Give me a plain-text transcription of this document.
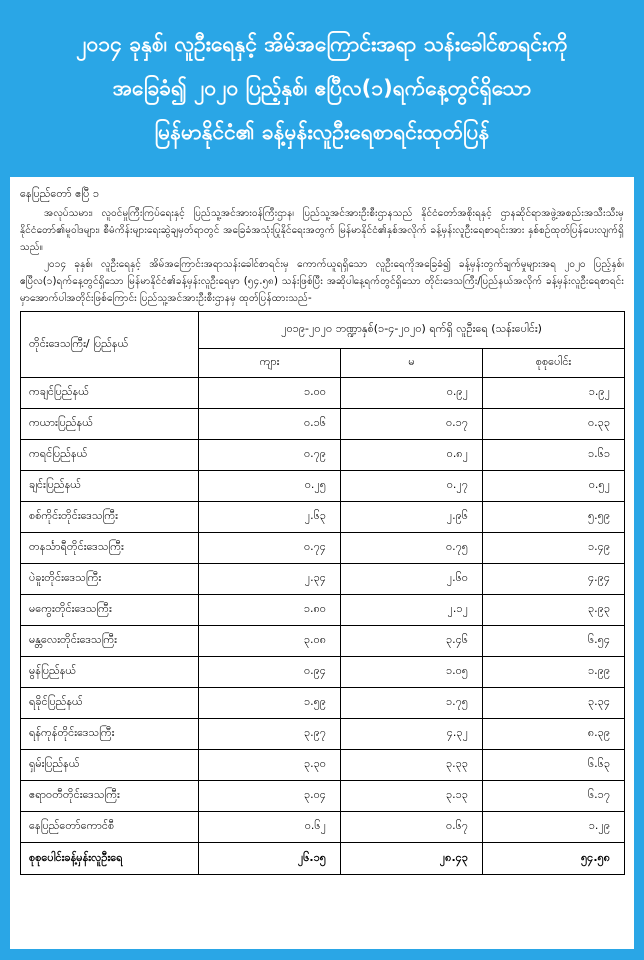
၂၀၁၄ ခုနှစ်၊ လူဦးရေနှင့် အိမ်အကြောင်းအရာ သန်းခေါင်စာရင်းကို
အခြေခံ၍ ၂၀၂၀ ပြည့်နှစ်၊ ဧပြီလ(၁)ရက်နေ့တွင်ရှိသော
မြန်မာနိုင်ငံ၏ ခန့်မှန်းလူဦးရေစာရင်းထုတ်ပြန်
နေပြည်တော် ဧပြီ ၁

အလုပ်သမား၊ လူဝင်မှုကြီးကြပ်ရေးနှင့် ပြည်သူ့အင်အားဝန်ကြီးဌာန၊ ပြည်သူ့အင်အားဦးစီးဌာနသည် နိုင်ငံတော်အစိုးရနှင့် ဌာနဆိုင်ရာအဖွဲ့အစည်းအသီးသီးမှ နိုင်ငံတော်၏မူဝါဒများ၊ စီမံကိန်းများရေးဆွဲချမှတ်ရာတွင် အခြေခံအသုံးပြုနိုင်ရေးအတွက် မြန်မာနိုင်ငံ၏နှစ်အလိုက် ခန့်မှန်းလူဦးရေစာရင်းအား နှစ်စဉ်ထုတ်ပြန်ပေးလျက်ရှိသည်။

၂၀၁၄ ခုနှစ်၊ လူဦးရေနှင့် အိမ်အကြောင်းအရာသန်းခေါင်စာရင်းမှ ကောက်ယူရရှိသော လူဦးရေကိုအခြေခံ၍ ခန့်မှန်းတွက်ချက်မှုများအရ ၂၀၂၀ ပြည့်နှစ်၊ ဧပြီလ(၁)ရက်နေ့တွင်ရှိသော မြန်မာနိုင်ငံ၏ခန့်မှန်းလူဦးရေမှာ (၅၄.၅၈) သန်းဖြစ်ပြီး အဆိုပါနေ့ရက်တွင်ရှိသော တိုင်းဒေသကြီး/ပြည်နယ်အလိုက် ခန့်မှန်းလူဦးရေစာရင်းမှာအောက်ပါအတိုင်းဖြစ်ကြောင်း ပြည်သူ့အင်အားဦးစီးဌာနမှ ထုတ်ပြန်ထားသည်-

တိုင်းဒေသကြီး/ ပြည်နယ်	၂၀၁၉-၂၀၂၀ ဘဏ္ဍာနှစ်(၁-၄-၂၀၂၀) ရက်ရှိ လူဦးရေ (သန်းပေါင်း)		
	ကျား	မ	စုစုပေါင်း
ကချင်ပြည်နယ်	၁.၀၀	၀.၉၂	၁.၉၂
ကယားပြည်နယ်	၀.၁၆	၀.၁၇	၀.၃၃
ကရင်ပြည်နယ်	၀.၇၉	၀.၈၂	၁.၆၁
ချင်းပြည်နယ်	၀.၂၅	၀.၂၇	၀.၅၂
စစ်ကိုင်းတိုင်းဒေသကြီး	၂.၆၃	၂.၉၆	၅.၅၉
တနင်္သာရီတိုင်းဒေသကြီး	၀.၇၄	၀.၇၅	၁.၄၉
ပဲခူးတိုင်းဒေသကြီး	၂.၃၄	၂.၆၀	၄.၉၄
မကွေးတိုင်းဒေသကြီး	၁.၈၀	၂.၁၂	၃.၉၃
မန္တလေးတိုင်းဒေသကြီး	၃.၀၈	၃.၄၆	၆.၅၄
မွန်ပြည်နယ်	၀.၉၄	၁.၀၅	၁.၉၉
ရခိုင်ပြည်နယ်	၁.၅၉	၁.၇၅	၃.၃၄
ရန်ကုန်တိုင်းဒေသကြီး	၃.၉၇	၄.၃၂	၈.၃၉
ရှမ်းပြည်နယ်	၃.၃၀	၃.၃၃	၆.၆၃
ဧရာဝတီတိုင်းဒေသကြီး	၃.၀၄	၃.၁၃	၆.၁၇
နေပြည်တော်ကောင်စီ	၀.၆၂	၀.၆၇	၁.၂၉
စုစုပေါင်းခန့်မှန်းလူဦးရေ	၂၆.၁၅	၂၈.၄၃	၅၄.၅၈
